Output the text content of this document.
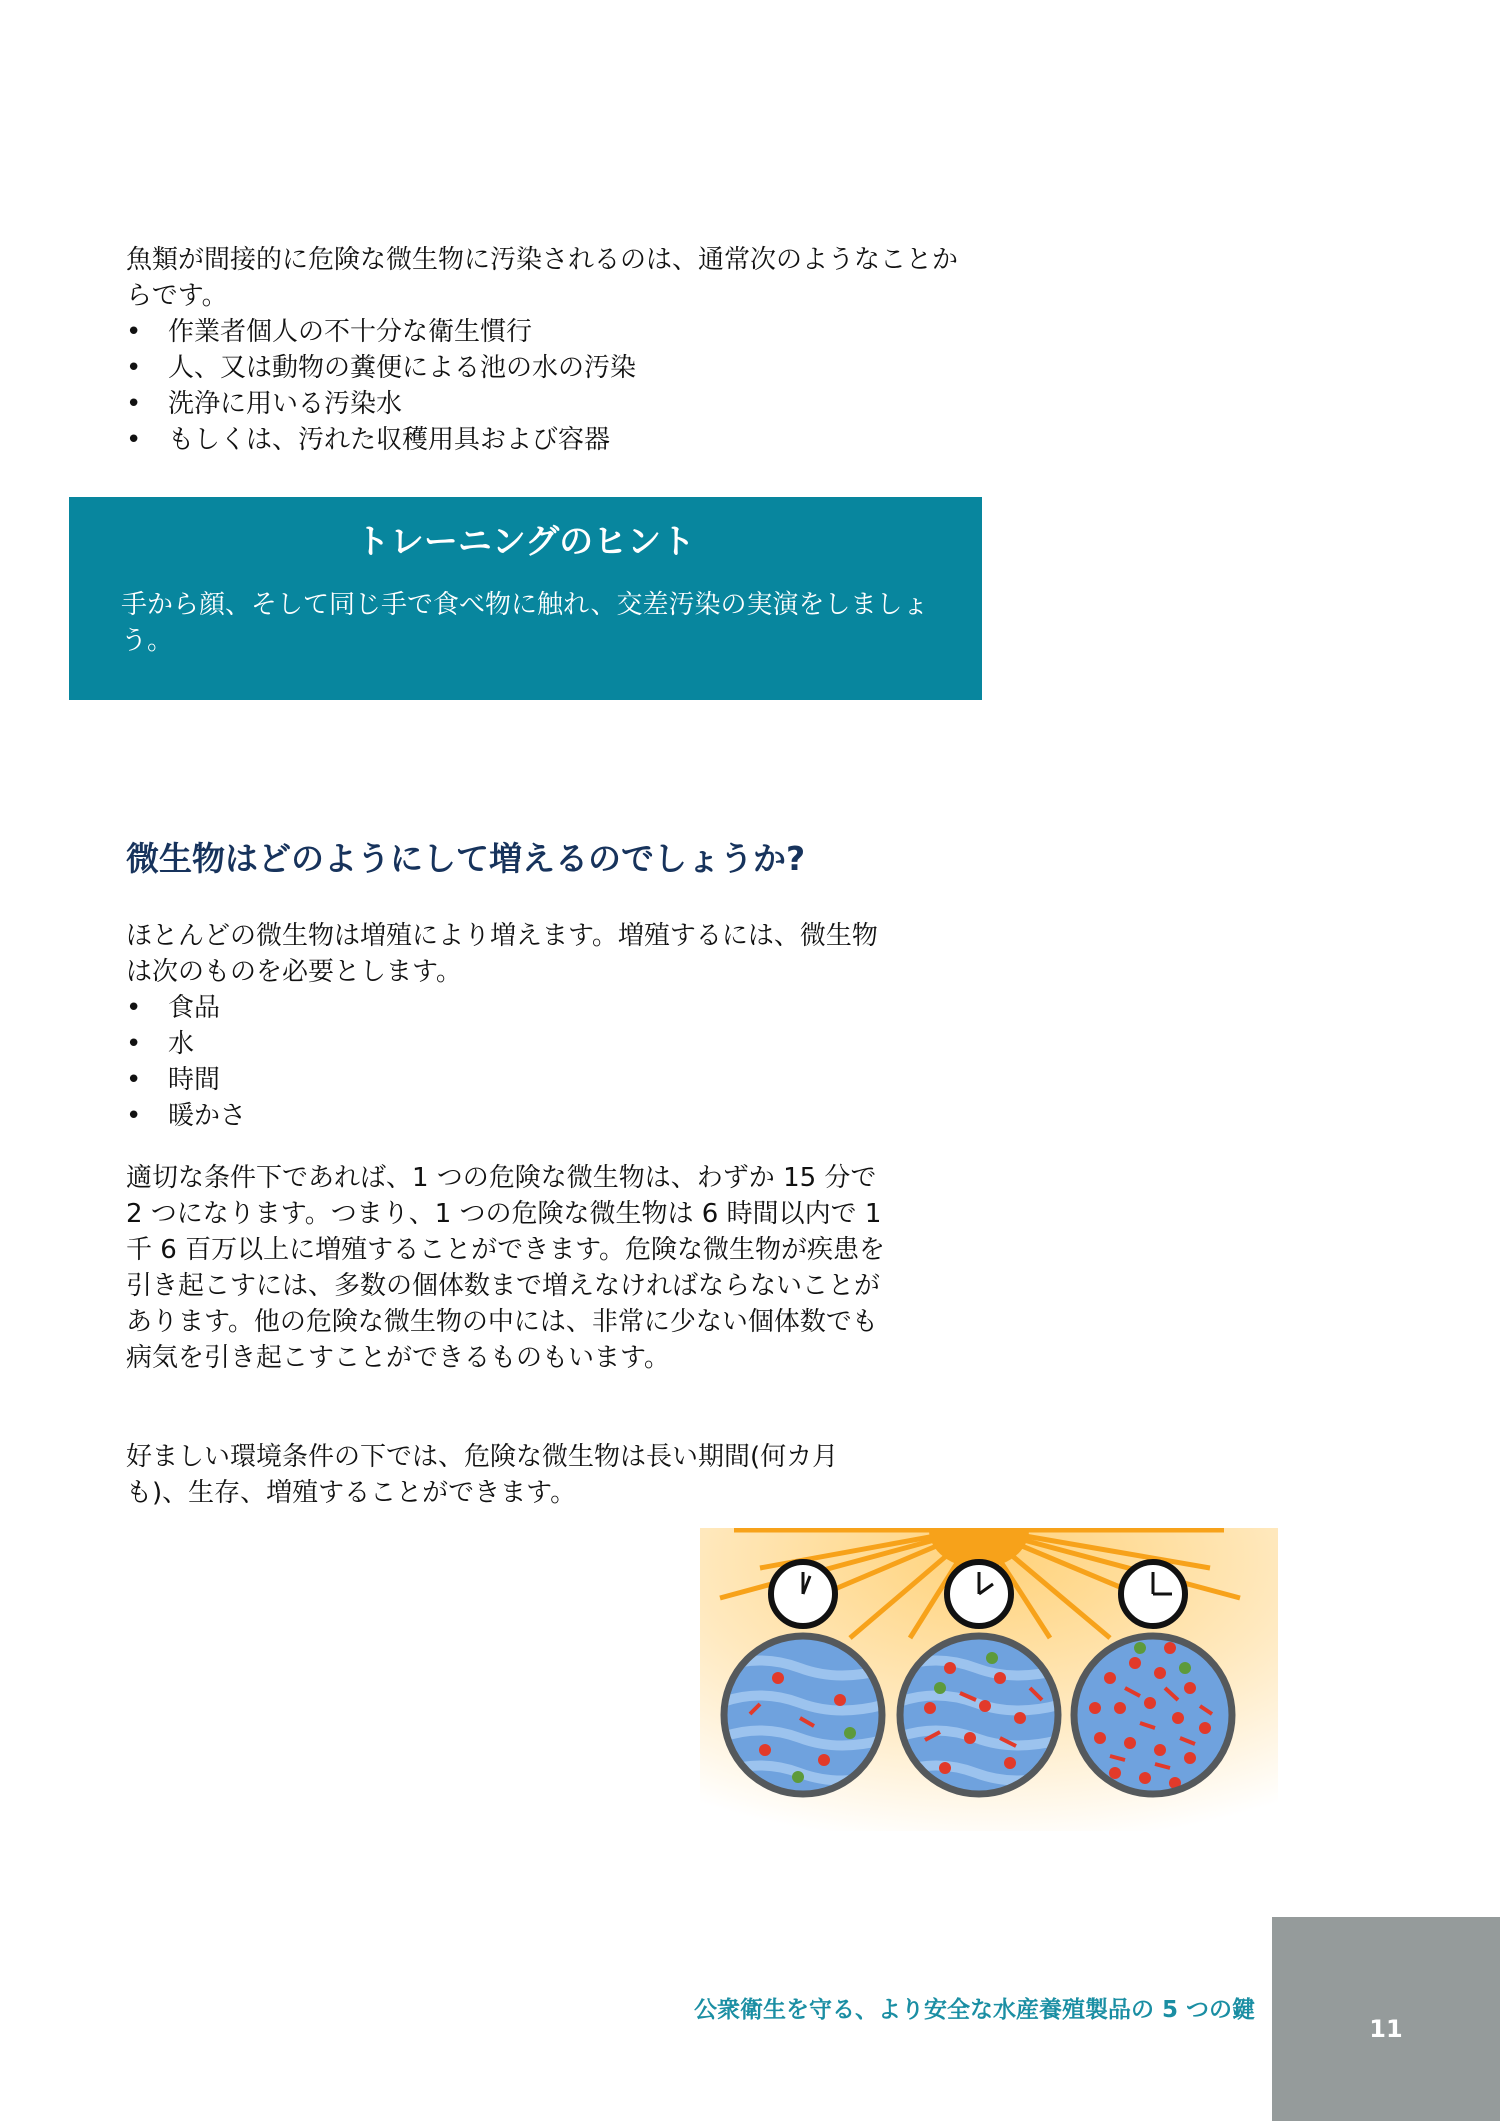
魚類が間接的に危険な微生物に汚染されるのは、通常次のようなことからです。

• 作業者個人の不十分な衛生慣行
• 人、又は動物の糞便による池の水の汚染
• 洗浄に用いる汚染水
• もしくは、汚れた収穫用具および容器
トレーニングのヒント

手から顔、そして同じ手で食べ物に触れ、交差汚染の実演をしましょう。

微生物はどのようにして増えるのでしょうか?

ほとんどの微生物は増殖により増えます。増殖するには、微生物は次のものを必要とします。

• 食品
• 水
• 時間
• 暖かさ

適切な条件下であれば、1 つの危険な微生物は、わずか 15 分で 2 つになります。つまり、1 つの危険な微生物は 6 時間以内で 1 千 6 百万以上に増殖することができます。危険な微生物が疾患を引き起こすには、多数の個体数まで増えなければならないことがあります。他の危険な微生物の中には、非常に少ない個体数でも病気を引き起こすことができるものもいます。

好ましい環境条件の下では、危険な微生物は長い期間(何カ月も)、生存、増殖することができます。

公衆衛生を守る、より安全な水産養殖製品の 5 つの鍵
11
